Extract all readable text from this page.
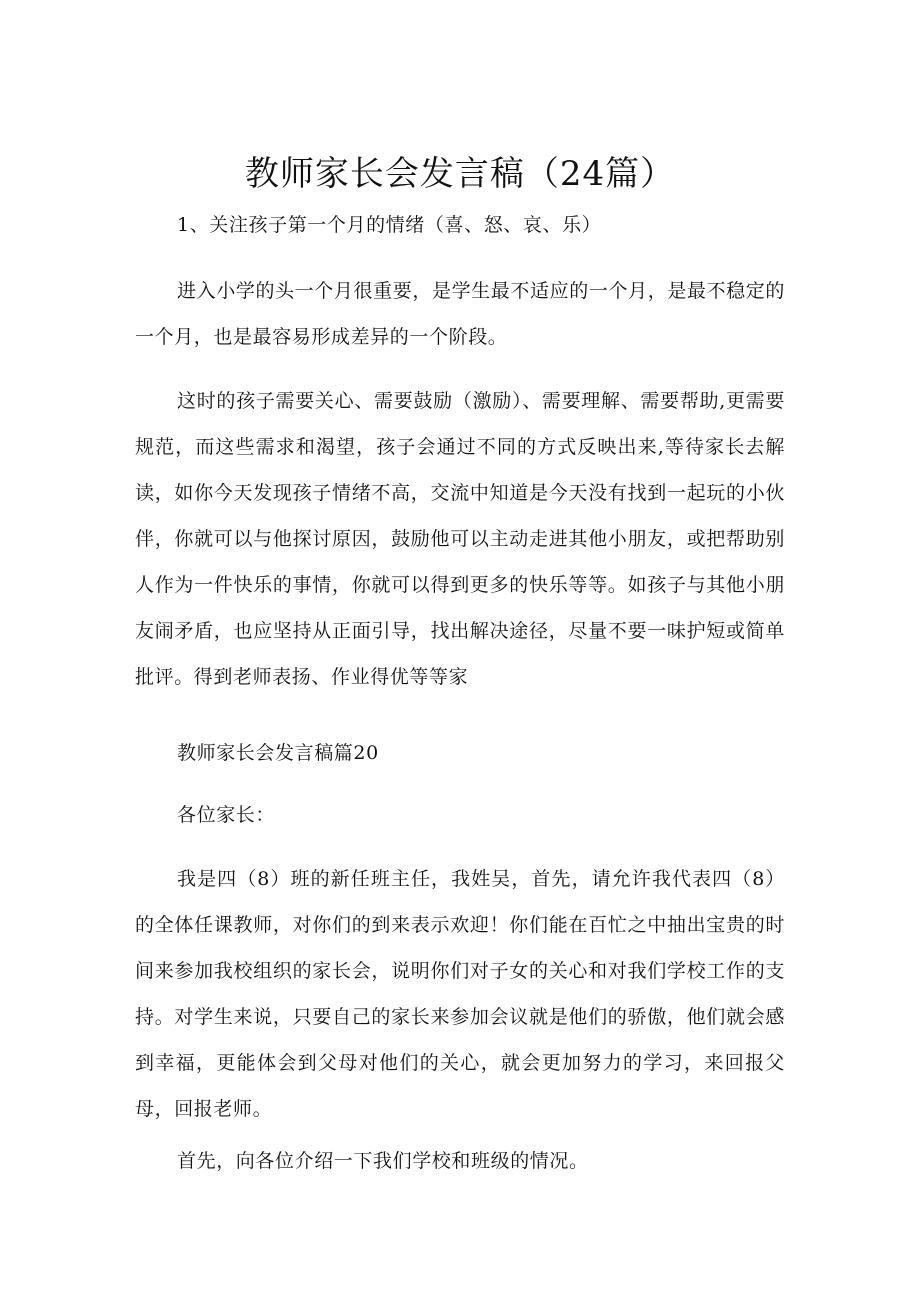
教师家长会发言稿（24篇）
1、关注孩子第一个月的情绪（喜、怒、哀、乐）
进入小学的头一个月很重要，是学生最不适应的一个月，是最不稳定的一个月，也是最容易形成差异的一个阶段。
这时的孩子需要关心、需要鼓励（激励）、需要理解、需要帮助,更需要规范，而这些需求和渴望，孩子会通过不同的方式反映出来,等待家长去解读，如你今天发现孩子情绪不高，交流中知道是今天没有找到一起玩的小伙伴，你就可以与他探讨原因，鼓励他可以主动走进其他小朋友，或把帮助别人作为一件快乐的事情，你就可以得到更多的快乐等等。如孩子与其他小朋友闹矛盾，也应坚持从正面引导，找出解决途径，尽量不要一味护短或简单批评。得到老师表扬、作业得优等等家
教师家长会发言稿篇20
各位家长：
我是四（8）班的新任班主任，我姓吴，首先，请允许我代表四（8）的全体任课教师，对你们的到来表示欢迎！你们能在百忙之中抽出宝贵的时间来参加我校组织的家长会，说明你们对子女的关心和对我们学校工作的支持。对学生来说，只要自己的家长来参加会议就是他们的骄傲，他们就会感到幸福，更能体会到父母对他们的关心，就会更加努力的学习，来回报父母，回报老师。
首先，向各位介绍一下我们学校和班级的情况。
